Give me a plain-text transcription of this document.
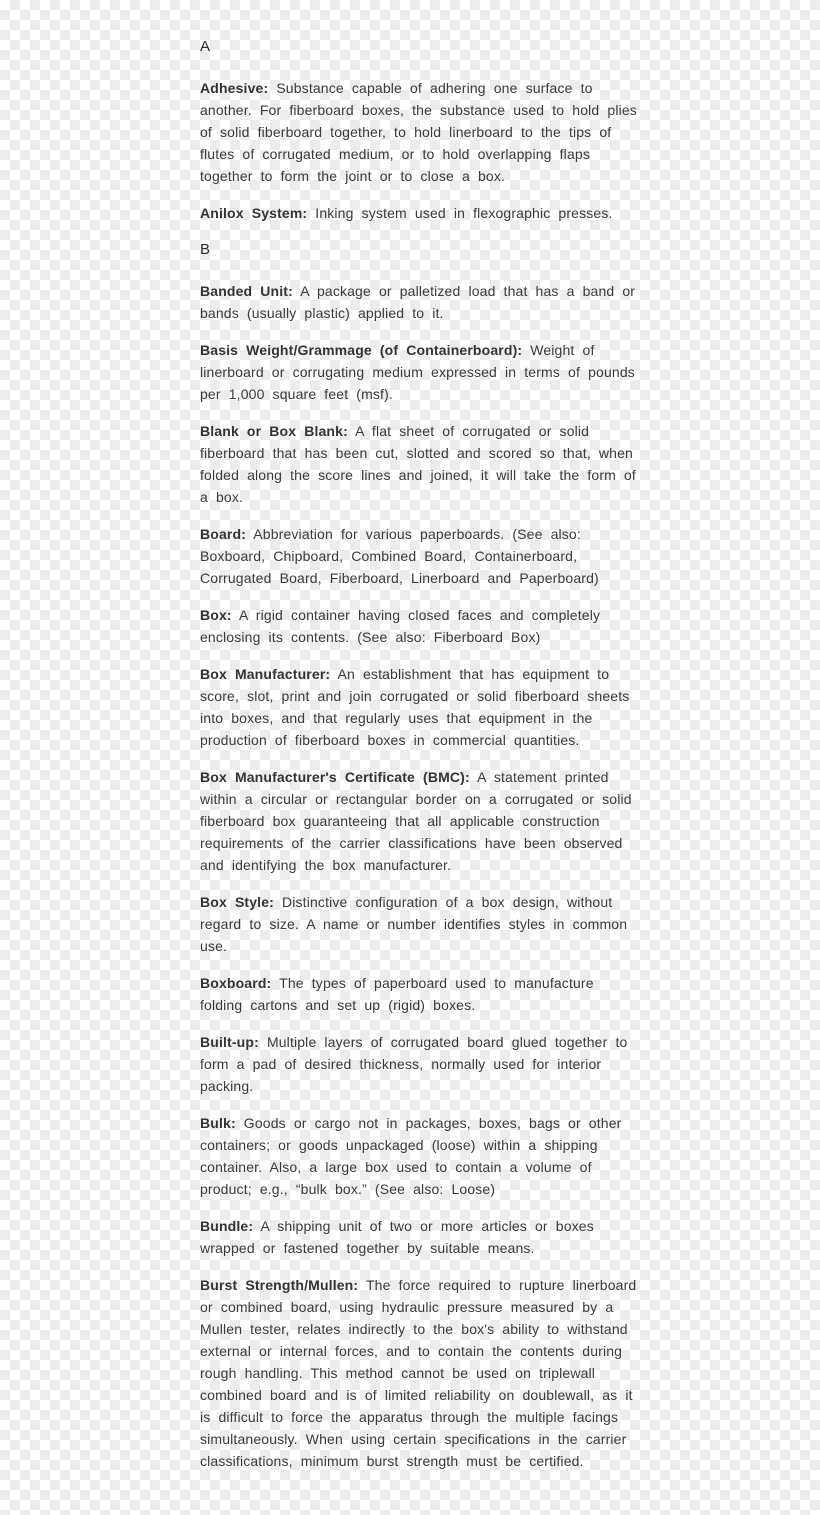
A

Adhesive: Substance capable of adhering one surface to another. For fiberboard boxes, the substance used to hold plies of solid fiberboard together, to hold linerboard to the tips of flutes of corrugated medium, or to hold overlapping flaps together to form the joint or to close a box.

Anilox System: Inking system used in flexographic presses.

B

Banded Unit: A package or palletized load that has a band or bands (usually plastic) applied to it.

Basis Weight/Grammage (of Containerboard): Weight of linerboard or corrugating medium expressed in terms of pounds per 1,000 square feet (msf).

Blank or Box Blank: A flat sheet of corrugated or solid fiberboard that has been cut, slotted and scored so that, when folded along the score lines and joined, it will take the form of a box.

Board: Abbreviation for various paperboards. (See also: Boxboard, Chipboard, Combined Board, Containerboard, Corrugated Board, Fiberboard, Linerboard and Paperboard)

Box: A rigid container having closed faces and completely enclosing its contents. (See also: Fiberboard Box)

Box Manufacturer: An establishment that has equipment to score, slot, print and join corrugated or solid fiberboard sheets into boxes, and that regularly uses that equipment in the production of fiberboard boxes in commercial quantities.

Box Manufacturer's Certificate (BMC): A statement printed within a circular or rectangular border on a corrugated or solid fiberboard box guaranteeing that all applicable construction requirements of the carrier classifications have been observed and identifying the box manufacturer.

Box Style: Distinctive configuration of a box design, without regard to size. A name or number identifies styles in common use.

Boxboard: The types of paperboard used to manufacture folding cartons and set up (rigid) boxes.

Built-up: Multiple layers of corrugated board glued together to form a pad of desired thickness, normally used for interior packing.

Bulk: Goods or cargo not in packages, boxes, bags or other containers; or goods unpackaged (loose) within a shipping container. Also, a large box used to contain a volume of product; e.g., “bulk box.” (See also: Loose)

Bundle: A shipping unit of two or more articles or boxes wrapped or fastened together by suitable means.

Burst Strength/Mullen: The force required to rupture linerboard or combined board, using hydraulic pressure measured by a Mullen tester, relates indirectly to the box's ability to withstand external or internal forces, and to contain the contents during rough handling. This method cannot be used on triplewall combined board and is of limited reliability on doublewall, as it is difficult to force the apparatus through the multiple facings simultaneously. When using certain specifications in the carrier classifications, minimum burst strength must be certified.
